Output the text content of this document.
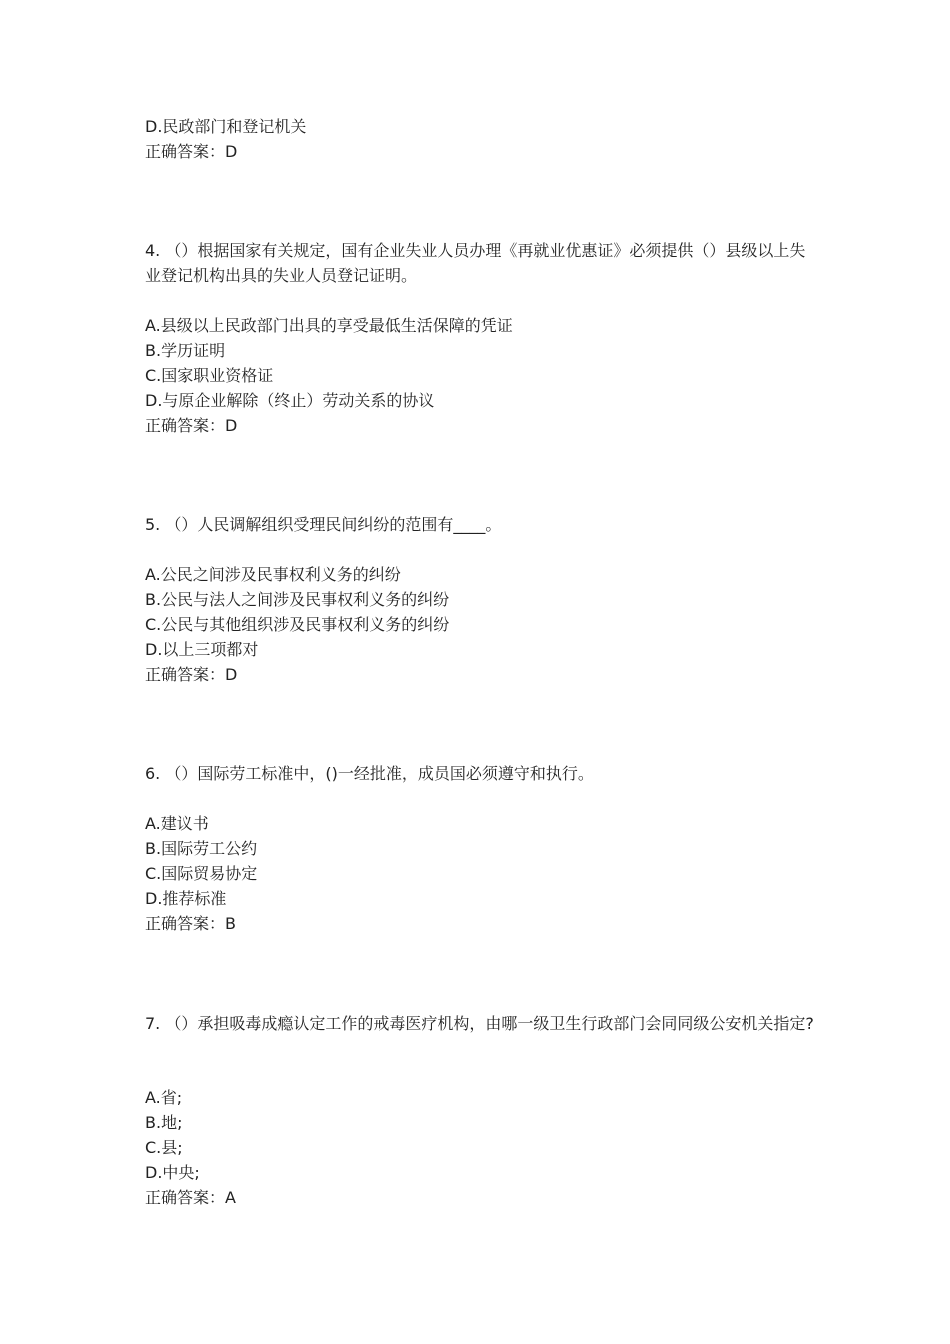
D.民政部门和登记机关
正确答案：D
4. （）根据国家有关规定，国有企业失业人员办理《再就业优惠证》必须提供（）县级以上失业登记机构出具的失业人员登记证明。
A.县级以上民政部门出具的享受最低生活保障的凭证
B.学历证明
C.国家职业资格证
D.与原企业解除（终止）劳动关系的协议
正确答案：D
5. （）人民调解组织受理民间纠纷的范围有____。
A.公民之间涉及民事权利义务的纠纷
B.公民与法人之间涉及民事权利义务的纠纷
C.公民与其他组织涉及民事权利义务的纠纷
D.以上三项都对
正确答案：D
6. （）国际劳工标准中，()一经批准，成员国必须遵守和执行。
A.建议书
B.国际劳工公约
C.国际贸易协定
D.推荐标准
正确答案：B
7. （）承担吸毒成瘾认定工作的戒毒医疗机构，由哪一级卫生行政部门会同同级公安机关指定?
A.省;
B.地;
C.县;
D.中央;
正确答案：A
